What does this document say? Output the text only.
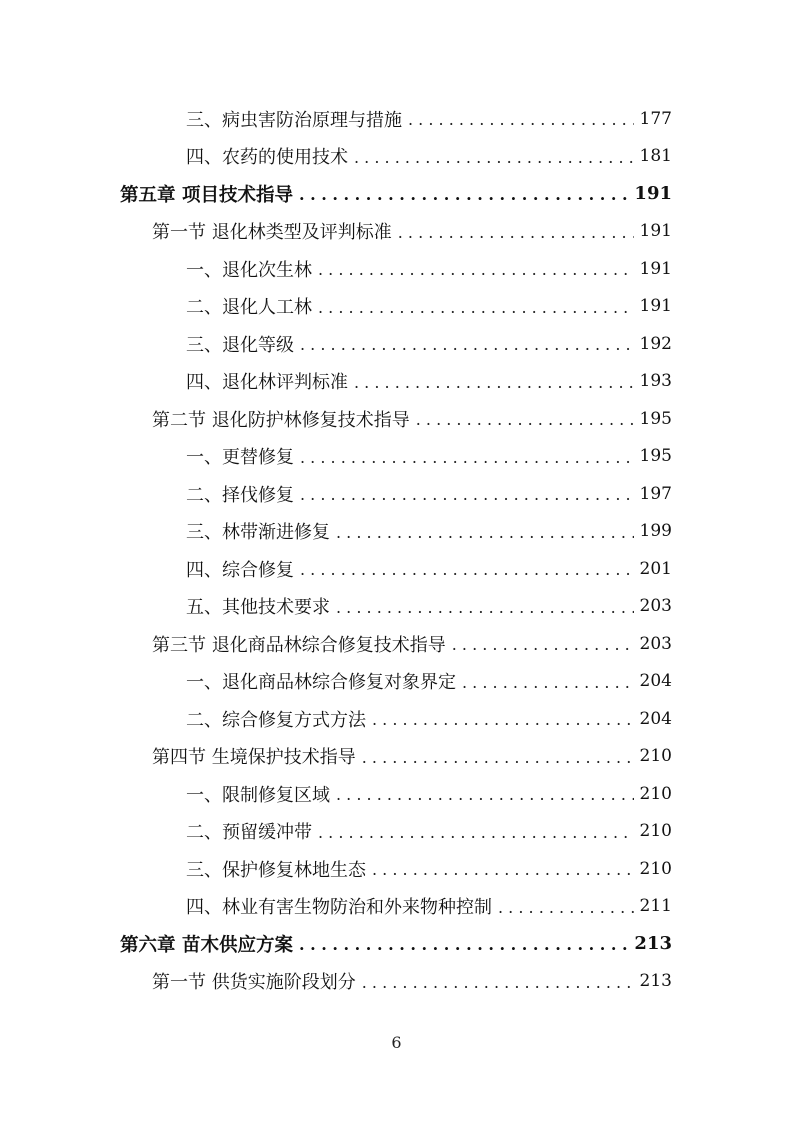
三、病虫害防治原理与措施 . . .	177
四、农药的使用技术 . . .	181
第五章 项目技术指导 . . .	191
第一节 退化林类型及评判标准 . . .	191
一、退化次生林 . . .	191
二、退化人工林 . . .	191
三、退化等级 . . .	192
四、退化林评判标准 . . .	193
第二节 退化防护林修复技术指导 . . .	195
一、更替修复 . . .	195
二、择伐修复 . . .	197
三、林带渐进修复 . . .	199
四、综合修复 . . .	201
五、其他技术要求 . . .	203
第三节 退化商品林综合修复技术指导 . . .	203
一、退化商品林综合修复对象界定 . . .	204
二、综合修复方式方法 . . .	204
第四节 生境保护技术指导 . . .	210
一、限制修复区域 . . .	210
二、预留缓冲带 . . .	210
三、保护修复林地生态 . . .	210
四、林业有害生物防治和外来物种控制 . . .	211
第六章 苗木供应方案 . . .	213
第一节 供货实施阶段划分 . . .	213
6
